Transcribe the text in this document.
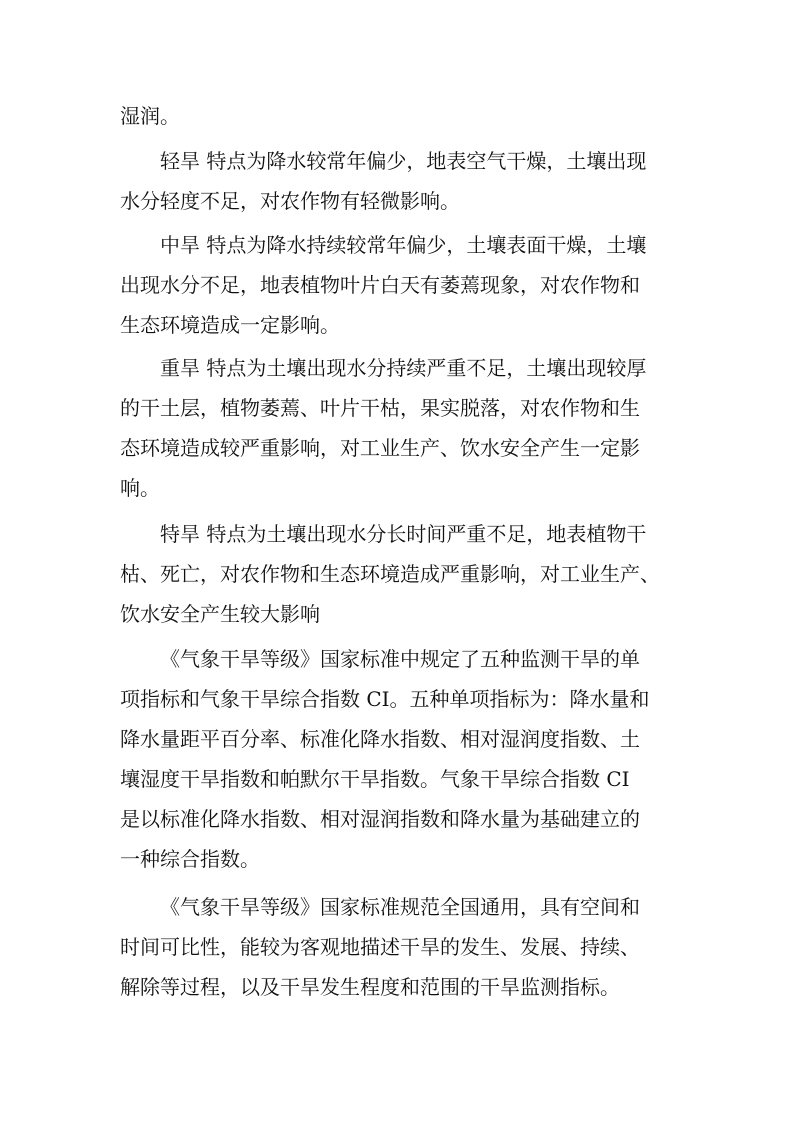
湿润。

轻旱 特点为降水较常年偏少，地表空气干燥，土壤出现
水分轻度不足，对农作物有轻微影响。

中旱 特点为降水持续较常年偏少，土壤表面干燥，土壤
出现水分不足，地表植物叶片白天有萎蔫现象，对农作物和
生态环境造成一定影响。

重旱 特点为土壤出现水分持续严重不足，土壤出现较厚
的干土层，植物萎蔫、叶片干枯，果实脱落，对农作物和生
态环境造成较严重影响，对工业生产、饮水安全产生一定影
响。

特旱 特点为土壤出现水分长时间严重不足，地表植物干
枯、死亡，对农作物和生态环境造成严重影响，对工业生产、
饮水安全产生较大影响

《气象干旱等级》国家标准中规定了五种监测干旱的单
项指标和气象干旱综合指数 CI。五种单项指标为：降水量和
降水量距平百分率、标准化降水指数、相对湿润度指数、土
壤湿度干旱指数和帕默尔干旱指数。气象干旱综合指数 CI
是以标准化降水指数、相对湿润指数和降水量为基础建立的
一种综合指数。

《气象干旱等级》国家标准规范全国通用，具有空间和
时间可比性，能较为客观地描述干旱的发生、发展、持续、
解除等过程，以及干旱发生程度和范围的干旱监测指标。
